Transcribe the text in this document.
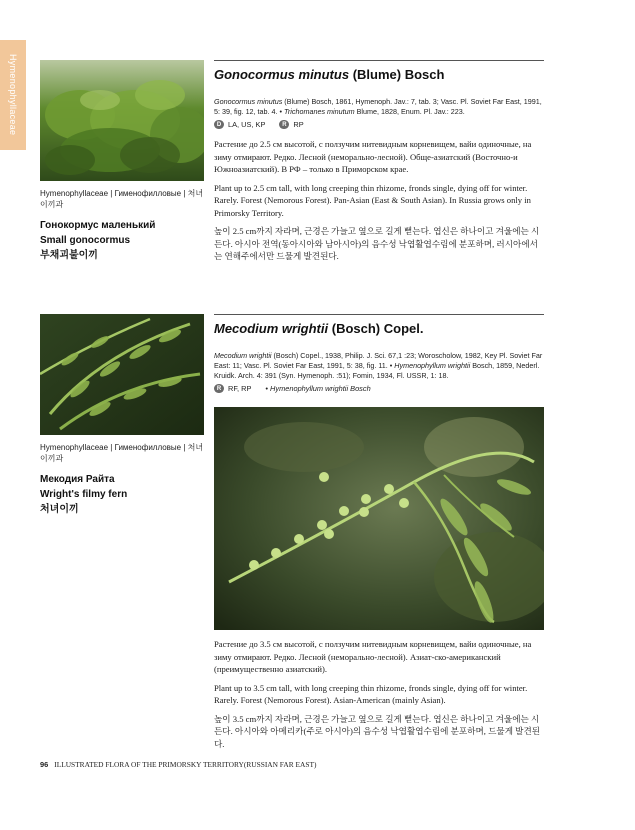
Hymenophyllaceae
Hymenophyllaceae | Гименофилловые | 처녀이끼과
Гонокормус маленький
Small gonocormus
부채괴불이끼
Gonocormus minutus (Blume) Bosch
Gonocormus minutus (Blume) Bosch, 1861, Hymenoph. Jav.: 7, tab. 3; Vasc. Pl. Soviet Far East, 1991, 5: 39, fig. 12, tab. 4. • Trichomanes minutum Blume, 1828, Enum. Pl. Jav.: 223.
D LA, US, KP	R RP

Растение до 2.5 см высотой, с ползучим нитевидным корневищем, вайи одиночные, на зиму отмирают. Редко. Лесной (неморально-лесной). Обще-азиатский (Восточно-и Южноазиатский). В РФ – только в Приморском крае.

Plant up to 2.5 cm tall, with long creeping thin rhizome, fronds single, dying off for winter. Rarely. Forest (Nemorous Forest). Pan-Asian (East & South Asian). In Russia grows only in Primorsky Territory.

높이 2.5 cm까지 자라며, 근경은 가늘고 옆으로 길게 뻗는다. 엽신은 하나이고 겨울에는 시든다. 아시아 전역(동아시아와 남아시아)의 음수성 낙엽활엽수림에 분포하며, 러시아에서는 연해주에서만 드물게 발견된다.

Hymenophyllaceae | Гименофилловые | 처녀이끼과
Мекодия Райта
Wright's filmy fern
처녀이끼
Mecodium wrightii (Bosch) Copel.
Mecodium wrightii (Bosch) Copel., 1938, Philip. J. Sci. 67,1 :23; Woroscholow, 1982, Key Pl. Soviet Far East: 11; Vasc. Pl. Soviet Far East, 1991, 5: 38, fig. 11. • Hymenophyllum wrightii Bosch, 1859, Nederl. Kruidk. Arch. 4: 391 (Syn. Hymenoph. :51); Fomin, 1934, Fl. USSR, 1: 18.
R RF, RP • Hymenophyllum wrightii Bosch

Растение до 3.5 см высотой, с ползучим нитевидным корневищем, вайи одиночные, на зиму отмирают. Редко. Лесной (неморально-лесной). Азиат-ско-американский (преимущественно азиатский).

Plant up to 3.5 cm tall, with long creeping thin rhizome, fronds single, dying off for winter. Rarely. Forest (Nemorous Forest). Asian-American (mainly Asian).

높이 3.5 cm까지 자라며, 근경은 가늘고 옆으로 길게 뻗는다. 엽신은 하나이고 겨울에는 시든다. 아시아와 아메리카(주로 아시아)의 음수성 낙엽활엽수림에 분포하며, 드물게 발견된다.

96 ILLUSTRATED FLORA OF THE PRIMORSKY TERRITORY(RUSSIAN FAR EAST)
